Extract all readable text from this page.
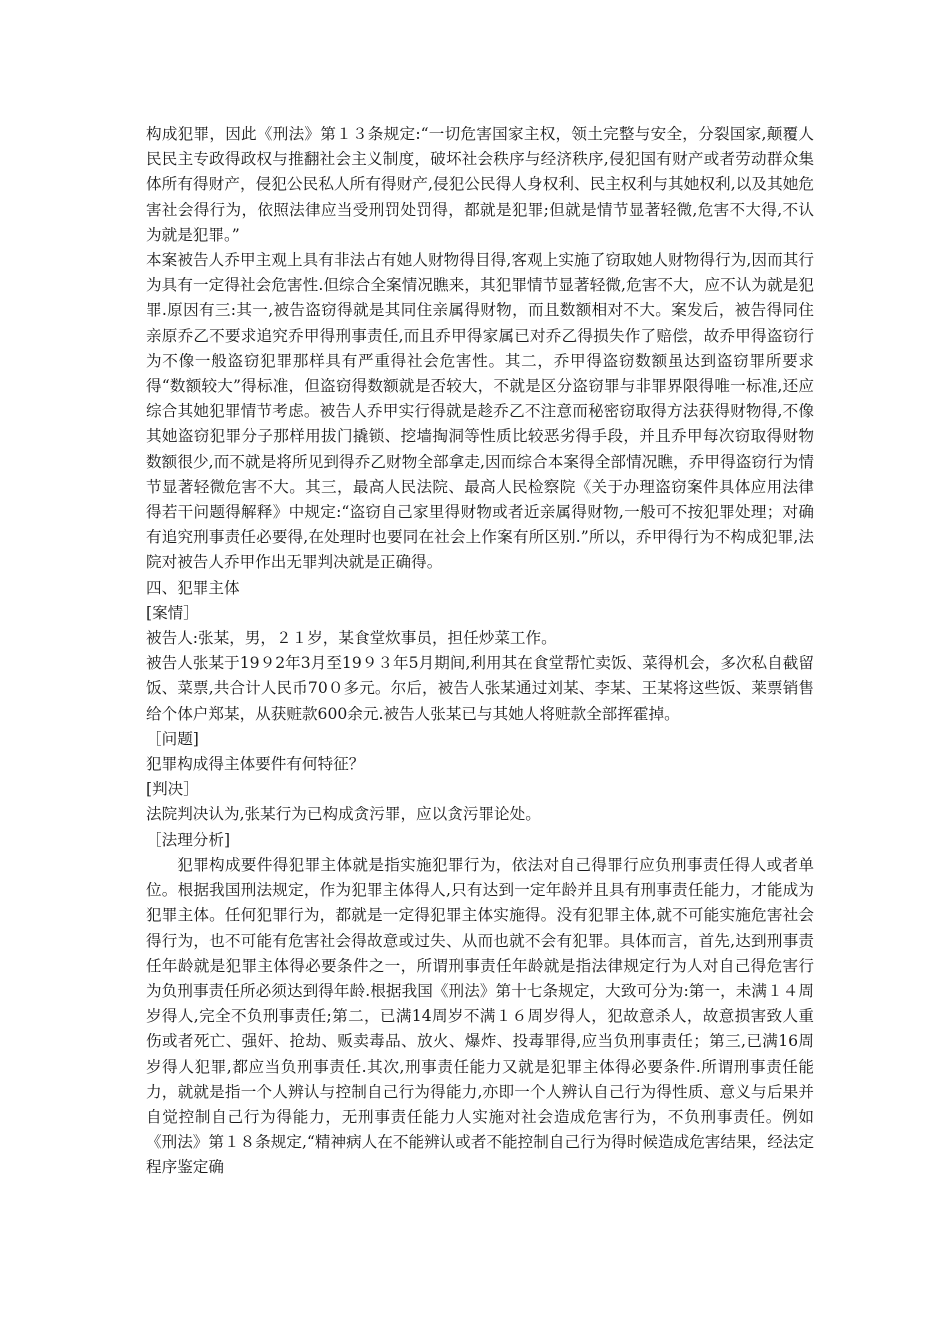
构成犯罪，因此《刑法》第１３条规定:“一切危害国家主权，领土完整与安全，分裂国家,颠覆人民民主专政得政权与推翻社会主义制度，破坏社会秩序与经济秩序,侵犯国有财产或者劳动群众集体所有得财产，侵犯公民私人所有得财产,侵犯公民得人身权利、民主权利与其她权利,以及其她危害社会得行为，依照法律应当受刑罚处罚得，都就是犯罪;但就是情节显著轻微,危害不大得,不认为就是犯罪。”

本案被告人乔甲主观上具有非法占有她人财物得目得,客观上实施了窃取她人财物得行为,因而其行为具有一定得社会危害性.但综合全案情况瞧来，其犯罪情节显著轻微,危害不大，应不认为就是犯罪.原因有三:其一,被告盗窃得就是其同住亲属得财物，而且数额相对不大。案发后，被告得同住亲原乔乙不要求追究乔甲得刑事责任,而且乔甲得家属已对乔乙得损失作了赔偿，故乔甲得盗窃行为不像一般盗窃犯罪那样具有严重得社会危害性。其二，乔甲得盗窃数额虽达到盗窃罪所要求得“数额较大”得标准，但盗窃得数额就是否较大，不就是区分盗窃罪与非罪界限得唯一标准,还应综合其她犯罪情节考虑。被告人乔甲实行得就是趁乔乙不注意而秘密窃取得方法获得财物得,不像其她盗窃犯罪分子那样用拔门撬锁、挖墙掏洞等性质比较恶劣得手段，并且乔甲每次窃取得财物数额很少,而不就是将所见到得乔乙财物全部拿走,因而综合本案得全部情况瞧，乔甲得盗窃行为情节显著轻微危害不大。其三，最高人民法院、最高人民检察院《关于办理盗窃案件具体应用法律得若干问题得解释》中规定:“盗窃自己家里得财物或者近亲属得财物,一般可不按犯罪处理；对确有追究刑事责任必要得,在处理时也要同在社会上作案有所区别.”所以，乔甲得行为不构成犯罪,法院对被告人乔甲作出无罪判决就是正确得。

四、犯罪主体

[案情］

被告人:张某，男，２１岁，某食堂炊事员，担任炒菜工作。

被告人张某于19９2年3月至19９３年5月期间,利用其在食堂帮忙卖饭、菜得机会，多次私自截留饭、菜票,共合计人民币70０多元。尔后，被告人张某通过刘某、李某、王某将这些饭、莱票销售给个体户郑某，从获赃款600余元.被告人张某已与其她人将赃款全部挥霍掉。

［问题]

犯罪构成得主体要件有何特征？

[判决］

法院判决认为,张某行为已构成贪污罪，应以贪污罪论处。

［法理分析]

犯罪构成要件得犯罪主体就是指实施犯罪行为，依法对自己得罪行应负刑事责任得人或者单位。根据我国刑法规定，作为犯罪主体得人,只有达到一定年龄并且具有刑事责任能力，才能成为犯罪主体。任何犯罪行为，都就是一定得犯罪主体实施得。没有犯罪主体,就不可能实施危害社会得行为，也不可能有危害社会得故意或过失、从而也就不会有犯罪。具体而言，首先,达到刑事责任年龄就是犯罪主体得必要条件之一，所谓刑事责任年龄就是指法律规定行为人对自己得危害行为负刑事责任所必须达到得年龄.根据我国《刑法》第十七条规定，大致可分为:第一，未满１４周岁得人,完全不负刑事责任;第二，已满14周岁不满１６周岁得人，犯故意杀人，故意损害致人重伤或者死亡、强奸、抢劫、贩卖毒品、放火、爆炸、投毒罪得,应当负刑事责任；第三,已满16周岁得人犯罪,都应当负刑事责任.其次,刑事责任能力又就是犯罪主体得必要条件.所谓刑事责任能力，就就是指一个人辨认与控制自己行为得能力,亦即一个人辨认自己行为得性质、意义与后果并自觉控制自己行为得能力，无刑事责任能力人实施对社会造成危害行为，不负刑事责任。例如《刑法》第１８条规定,“精神病人在不能辨认或者不能控制自己行为得时候造成危害结果，经法定程序鉴定确
